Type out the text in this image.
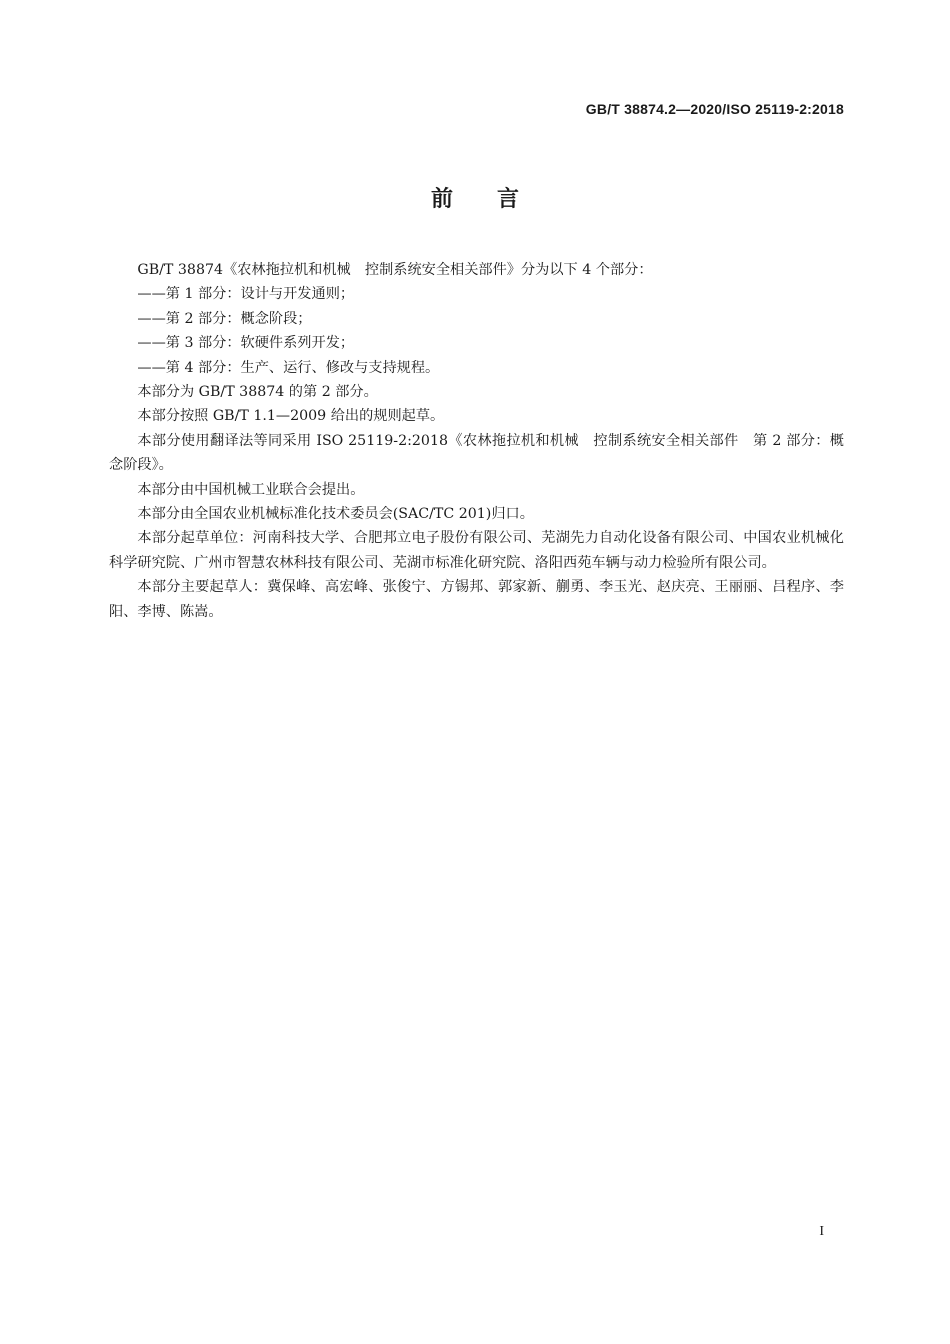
GB/T 38874.2—2020/ISO 25119-2:2018
前言

GB/T 38874《农林拖拉机和机械　控制系统安全相关部件》分为以下 4 个部分：

——第 1 部分：设计与开发通则；

——第 2 部分：概念阶段；

——第 3 部分：软硬件系列开发；

——第 4 部分：生产、运行、修改与支持规程。

本部分为 GB/T 38874 的第 2 部分。

本部分按照 GB/T 1.1—2009 给出的规则起草。

本部分使用翻译法等同采用 ISO 25119-2:2018《农林拖拉机和机械　控制系统安全相关部件　第 2 部分：概念阶段》。

本部分由中国机械工业联合会提出。

本部分由全国农业机械标准化技术委员会(SAC/TC 201)归口。

本部分起草单位：河南科技大学、合肥邦立电子股份有限公司、芜湖先力自动化设备有限公司、中国农业机械化科学研究院、广州市智慧农林科技有限公司、芜湖市标准化研究院、洛阳西苑车辆与动力检验所有限公司。

本部分主要起草人：冀保峰、高宏峰、张俊宁、方锡邦、郭家新、蒯勇、李玉光、赵庆亮、王丽丽、吕程序、李阳、李博、陈嵩。

I
